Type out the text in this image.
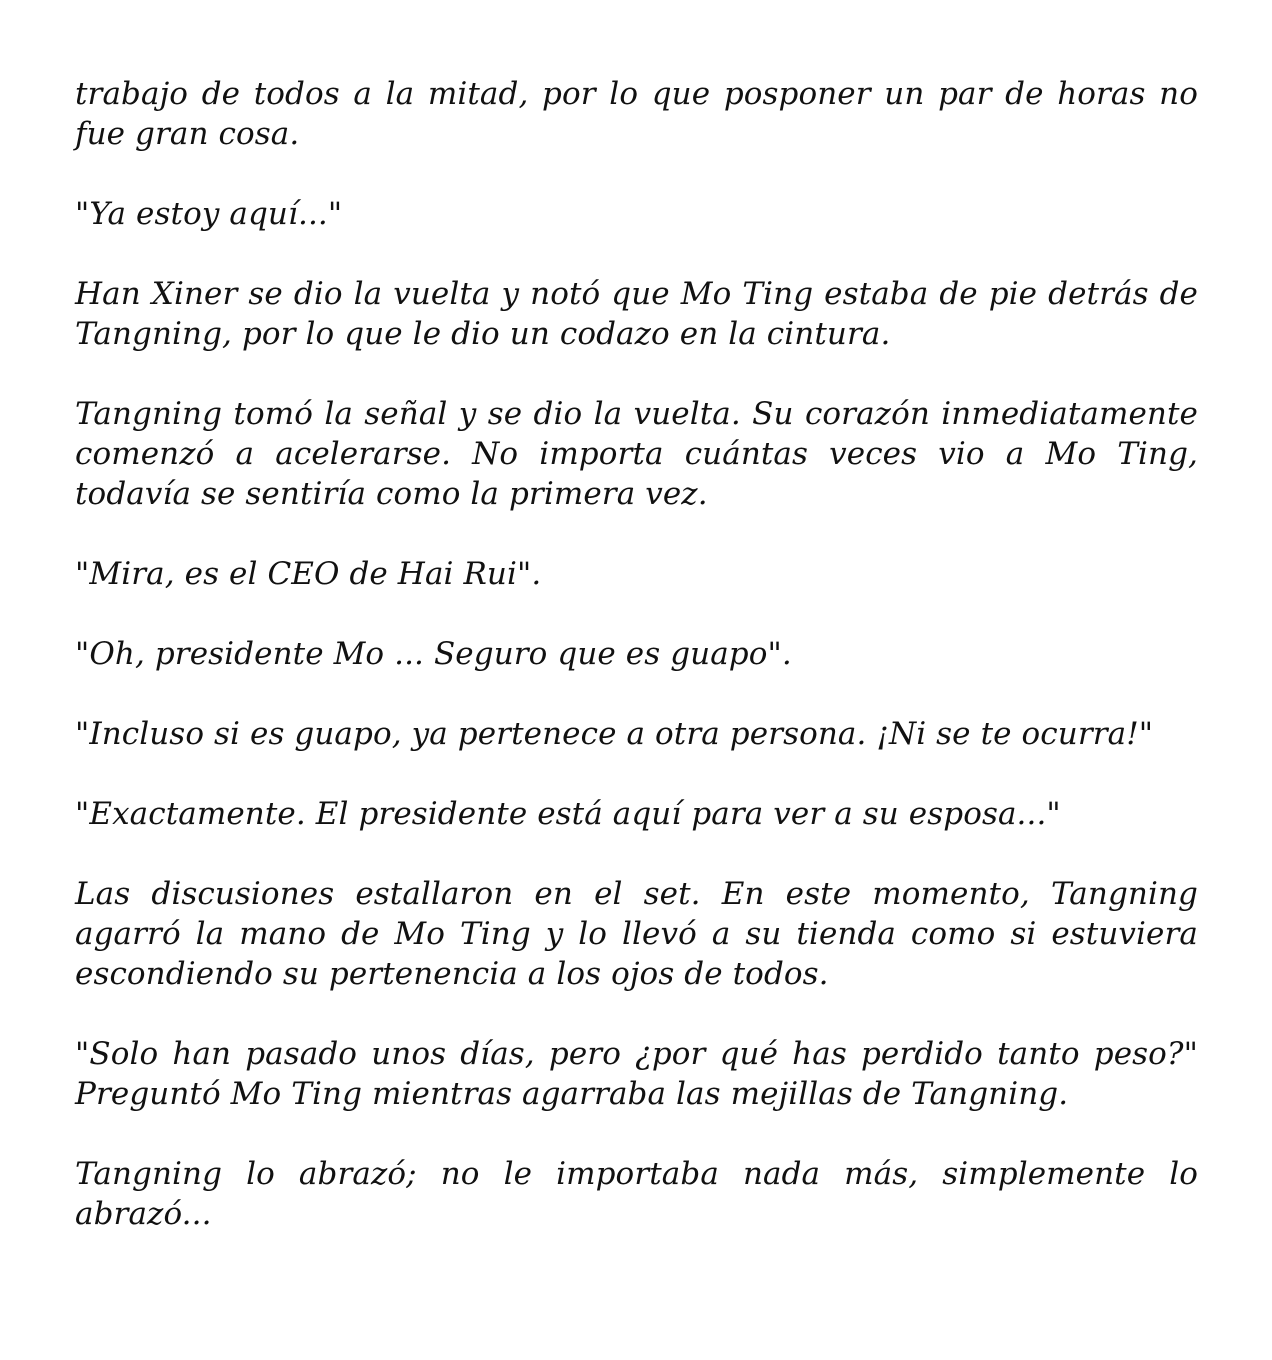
trabajo de todos a la mitad, por lo que posponer un par de horas no fue gran cosa.

"Ya estoy aquí..."

Han Xiner se dio la vuelta y notó que Mo Ting estaba de pie detrás de Tangning, por lo que le dio un codazo en la cintura.

Tangning tomó la señal y se dio la vuelta. Su corazón inmediatamente comenzó a acelerarse. No importa cuántas veces vio a Mo Ting, todavía se sentiría como la primera vez.

"Mira, es el CEO de Hai Rui".

"Oh, presidente Mo ... Seguro que es guapo".

"Incluso si es guapo, ya pertenece a otra persona. ¡Ni se te ocurra!"

"Exactamente. El presidente está aquí para ver a su esposa..."

Las discusiones estallaron en el set. En este momento, Tangning agarró la mano de Mo Ting y lo llevó a su tienda como si estuviera escondiendo su pertenencia a los ojos de todos.

"Solo han pasado unos días, pero ¿por qué has perdido tanto peso?" Preguntó Mo Ting mientras agarraba las mejillas de Tangning.

Tangning lo abrazó; no le importaba nada más, simplemente lo abrazó...
